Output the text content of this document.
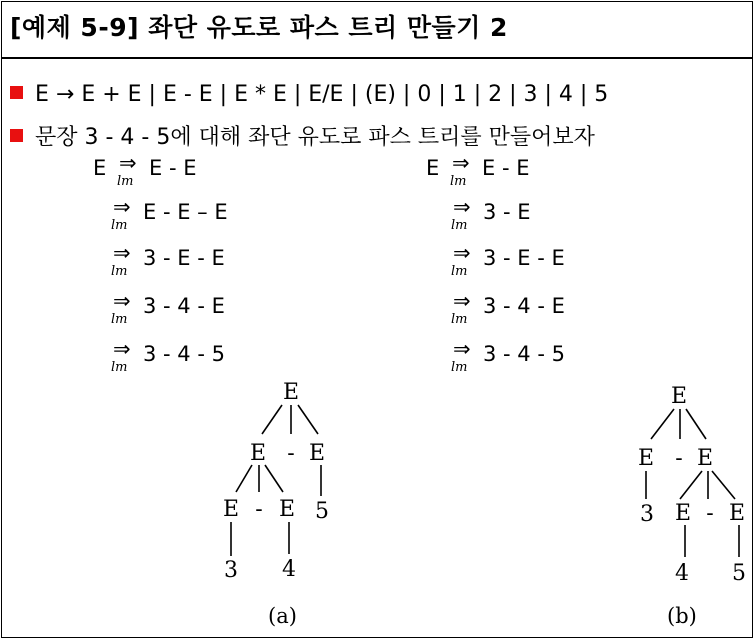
[예제 5-9] 좌단 유도로 파스 트리 만들기 2
E → E + E | E - E | E * E | E/E | (E) | 0 | 1 | 2 | 3 | 4 | 5
문장 3 - 4 - 5에 대해 좌단 유도로 파스 트리를 만들어보자
E ⇒
lm
E - E
⇒
lm
E - E – E
⇒
lm
3 - E - E
⇒
lm
3 - 4 - E
⇒
lm
3 - 4 - 5
E ⇒
lm
E - E
⇒
lm
3 - E
⇒
lm
3 - E - E
⇒
lm
3 - 4 - E
⇒
lm
3 - 4 - 5
E
E - E
E - E 5
3 4
E
E - E
3 E - E
4 5
(a)	(b)
